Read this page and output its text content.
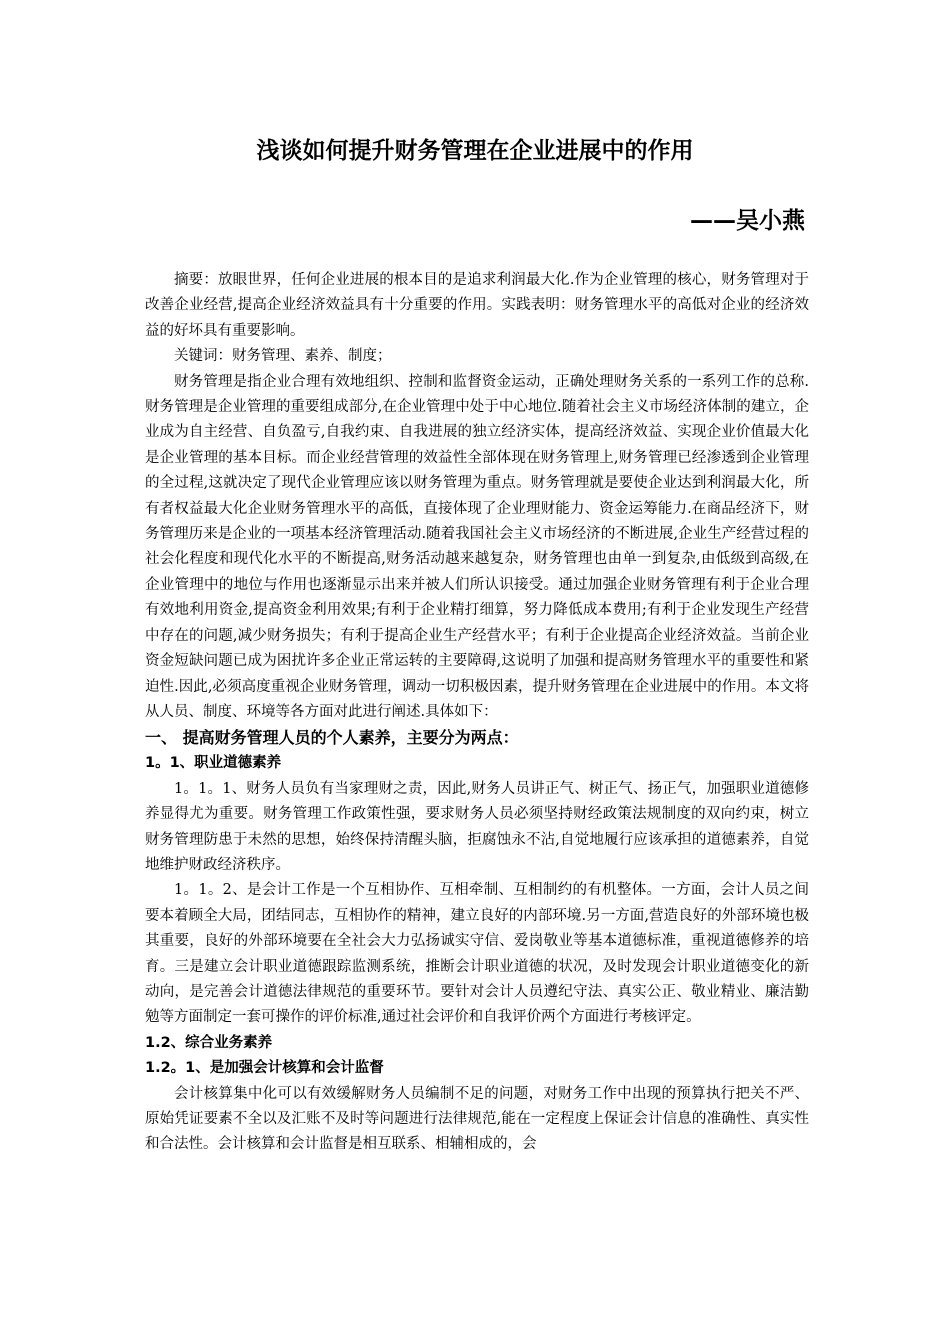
浅谈如何提升财务管理在企业进展中的作用
——吴小燕

摘要：放眼世界，任何企业进展的根本目的是追求利润最大化.作为企业管理的核心，财务管理对于改善企业经营,提高企业经济效益具有十分重要的作用。实践表明：财务管理水平的高低对企业的经济效益的好坏具有重要影响。

关键词：财务管理、素养、制度；

财务管理是指企业合理有效地组织、控制和监督资金运动，正确处理财务关系的一系列工作的总称.财务管理是企业管理的重要组成部分,在企业管理中处于中心地位.随着社会主义市场经济体制的建立，企业成为自主经营、自负盈亏,自我约束、自我进展的独立经济实体，提高经济效益、实现企业价值最大化是企业管理的基本目标。而企业经营管理的效益性全部体现在财务管理上,财务管理已经渗透到企业管理的全过程,这就决定了现代企业管理应该以财务管理为重点。财务管理就是要使企业达到利润最大化，所有者权益最大化企业财务管理水平的高低，直接体现了企业理财能力、资金运筹能力.在商品经济下，财务管理历来是企业的一项基本经济管理活动.随着我国社会主义市场经济的不断进展,企业生产经营过程的社会化程度和现代化水平的不断提高,财务活动越来越复杂，财务管理也由单一到复杂,由低级到高级,在企业管理中的地位与作用也逐渐显示出来并被人们所认识接受。通过加强企业财务管理有利于企业合理有效地利用资金,提高资金利用效果;有利于企业精打细算，努力降低成本费用;有利于企业发现生产经营中存在的问题,减少财务损失；有利于提高企业生产经营水平；有利于企业提高企业经济效益。当前企业资金短缺问题已成为困扰许多企业正常运转的主要障碍,这说明了加强和提高财务管理水平的重要性和紧迫性.因此,必须高度重视企业财务管理，调动一切积极因素，提升财务管理在企业进展中的作用。本文将从人员、制度、环境等各方面对此进行阐述.具体如下：

一、 提高财务管理人员的个人素养，主要分为两点：
1。1、职业道德素养

1。1。1、财务人员负有当家理财之责，因此,财务人员讲正气、树正气、扬正气，加强职业道德修养显得尤为重要。财务管理工作政策性强，要求财务人员必须坚持财经政策法规制度的双向约束，树立财务管理防患于未然的思想，始终保持清醒头脑，拒腐蚀永不沾,自觉地履行应该承担的道德素养，自觉地维护财政经济秩序。

1。1。2、是会计工作是一个互相协作、互相牵制、互相制约的有机整体。一方面，会计人员之间要本着顾全大局，团结同志，互相协作的精神，建立良好的内部环境.另一方面,营造良好的外部环境也极其重要，良好的外部环境要在全社会大力弘扬诚实守信、爱岗敬业等基本道德标准，重视道德修养的培育。三是建立会计职业道德跟踪监测系统，推断会计职业道德的状况，及时发现会计职业道德变化的新动向，是完善会计道德法律规范的重要环节。要针对会计人员遵纪守法、真实公正、敬业精业、廉洁勤勉等方面制定一套可操作的评价标准,通过社会评价和自我评价两个方面进行考核评定。

1.2、综合业务素养
1.2。1、是加强会计核算和会计监督

会计核算集中化可以有效缓解财务人员编制不足的问题，对财务工作中出现的预算执行把关不严、原始凭证要素不全以及汇账不及时等问题进行法律规范,能在一定程度上保证会计信息的准确性、真实性和合法性。会计核算和会计监督是相互联系、相辅相成的，会
